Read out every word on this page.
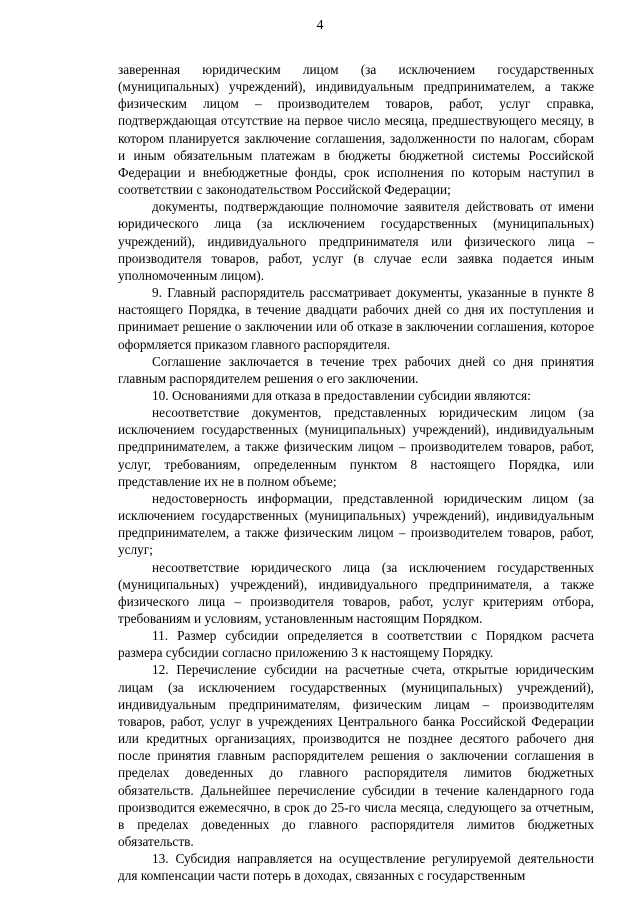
4

заверенная юридическим лицом (за исключением государственных (муниципальных) учреждений), индивидуальным предпринимателем, а также физическим лицом – производителем товаров, работ, услуг справка, подтверждающая отсутствие на первое число месяца, предшествующего месяцу, в котором планируется заключение соглашения, задолженности по налогам, сборам и иным обязательным платежам в бюджеты бюджетной системы Российской Федерации и внебюджетные фонды, срок исполнения по которым наступил в соответствии с законодательством Российской Федерации;

документы, подтверждающие полномочие заявителя действовать от имени юридического лица (за исключением государственных (муниципальных) учреждений), индивидуального предпринимателя или физического лица – производителя товаров, работ, услуг (в случае если заявка подается иным уполномоченным лицом).

9. Главный распорядитель рассматривает документы, указанные в пункте 8 настоящего Порядка, в течение двадцати рабочих дней со дня их поступления и принимает решение о заключении или об отказе в заключении соглашения, которое оформляется приказом главного распорядителя.

Соглашение заключается в течение трех рабочих дней со дня принятия главным распорядителем решения о его заключении.

10. Основаниями для отказа в предоставлении субсидии являются:

несоответствие документов, представленных юридическим лицом (за исключением государственных (муниципальных) учреждений), индивидуальным предпринимателем, а также физическим лицом – производителем товаров, работ, услуг, требованиям, определенным пунктом 8 настоящего Порядка, или представление их не в полном объеме;

недостоверность информации, представленной юридическим лицом (за исключением государственных (муниципальных) учреждений), индивидуальным предпринимателем, а также физическим лицом – производителем товаров, работ, услуг;

несоответствие юридического лица (за исключением государственных (муниципальных) учреждений), индивидуального предпринимателя, а также физического лица – производителя товаров, работ, услуг критериям отбора, требованиям и условиям, установленным настоящим Порядком.

11. Размер субсидии определяется в соответствии с Порядком расчета размера субсидии согласно приложению 3 к настоящему Порядку.

12. Перечисление субсидии на расчетные счета, открытые юридическим лицам (за исключением государственных (муниципальных) учреждений), индивидуальным предпринимателям, физическим лицам – производителям товаров, работ, услуг в учреждениях Центрального банка Российской Федерации или кредитных организациях, производится не позднее десятого рабочего дня после принятия главным распорядителем решения о заключении соглашения в пределах доведенных до главного распорядителя лимитов бюджетных обязательств. Дальнейшее перечисление субсидии в течение календарного года производится ежемесячно, в срок до 25-го числа месяца, следующего за отчетным, в пределах доведенных до главного распорядителя лимитов бюджетных обязательств.

13. Субсидия направляется на осуществление регулируемой деятельности для компенсации части потерь в доходах, связанных с государственным
